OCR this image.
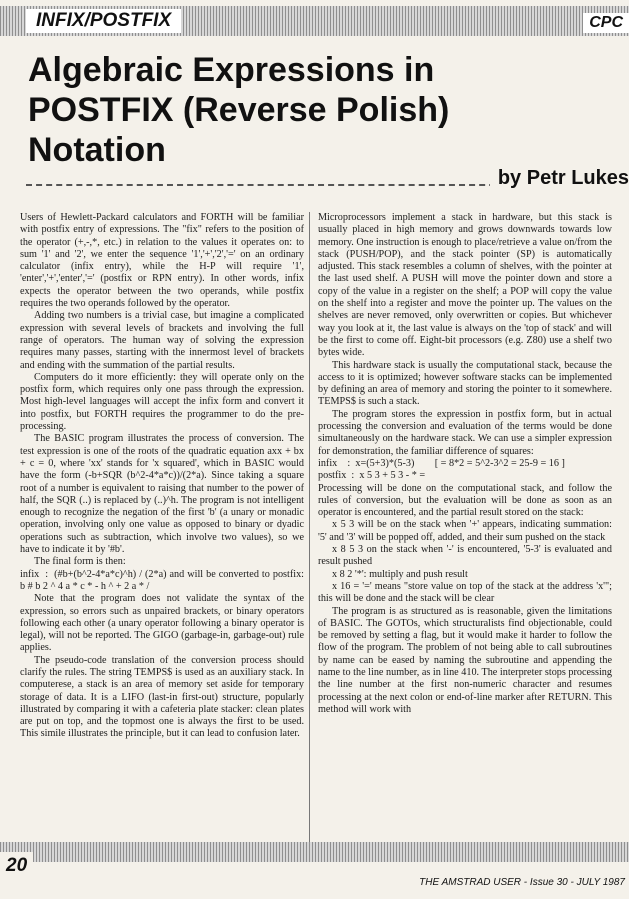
INFIX/POSTFIX	CPC
Algebraic Expressions in
POSTFIX (Reverse Polish)
Notation
by Petr Lukes

Users of Hewlett-Packard calculators and FORTH will be familiar with postfix entry of expressions. The "fix" refers to the position of the operator (+,-,*, etc.) in relation to the values it operates on: to sum '1' and '2', we enter the sequence '1','+','2','=' on an ordinary calculator (infix entry), while the H-P will require '1', 'enter','+','enter','=' (postfix or RPN entry). In other words, infix expects the operator between the two operands, while postfix requires the two operands followed by the operator.

Adding two numbers is a trivial case, but imagine a complicated expression with several levels of brackets and involving the full range of operators. The human way of solving the expression requires many passes, starting with the innermost level of brackets and ending with the summation of the partial results.

Computers do it more efficiently: they will operate only on the postfix form, which requires only one pass through the expression. Most high-level languages will accept the infix form and convert it into postfix, but FORTH requires the programmer to do the pre-processing.

The BASIC program illustrates the process of conversion. The test expression is one of the roots of the quadratic equation axx + bx + c = 0, where 'xx' stands for 'x squared', which in BASIC would have the form (-b+SQR (b^2-4*a*c))/(2*a). Since taking a square root of a number is equivalent to raising that number to the power of half, the SQR (..) is replaced by (..)^h. The program is not intelligent enough to recognize the negation of the first 'b' (a unary or monadic operation, involving only one value as opposed to binary or dyadic operations such as subtraction, which involve two values), so we have to indicate it by '#b'.

The final form is then:

infix  :  (#b+(b^2-4*a*c)^h) / (2*a) and will be converted to postfix:  b # b 2 ^ 4 a * c * - h ^ + 2 a * /

Note that the program does not validate the syntax of the expression, so errors such as unpaired brackets, or binary operators following each other (a unary operator following a binary operator is legal), will not be reported. The GIGO (garbage-in, garbage-out) rule applies.

The pseudo-code translation of the conversion process should clarify the rules. The string TEMPS$ is used as an auxiliary stack. In computerese, a stack is an area of memory set aside for temporary storage of data. It is a LIFO (last-in first-out) structure, popularly illustrated by comparing it with a cafeteria plate stacker: clean plates are put on top, and the topmost one is always the first to be used. This simile illustrates the principle, but it can lead to confusion later.

Microprocessors implement a stack in hardware, but this stack is usually placed in high memory and grows downwards towards low memory. One instruction is enough to place/retrieve a value on/from the stack (PUSH/POP), and the stack pointer (SP) is automatically adjusted. This stack resembles a column of shelves, with the pointer at the last used shelf. A PUSH will move the pointer down and store a copy of the value in a register on the shelf; a POP will copy the value on the shelf into a register and move the pointer up. The values on the shelves are never removed, only overwritten or copies. But whichever way you look at it, the last value is always on the 'top of stack' and will be the first to come off. Eight-bit processors (e.g. Z80) use a shelf two bytes wide.

This hardware stack is usually the computational stack, because the access to it is optimized; however software stacks can be implemented by defining an area of memory and storing the pointer to it somewhere. TEMPS$ is such a stack.

The program stores the expression in postfix form, but in actual processing the conversion and evaluation of the terms would be done simultaneously on the hardware stack. We can use a simpler expression for demonstration, the familiar difference of squares:

infix    :  x=(5+3)*(5-3)        [ = 8*2 = 5^2-3^2 = 25-9 = 16 ]

postfix  :  x 5 3 + 5 3 - * =

Processing will be done on the computational stack, and follow the rules of conversion, but the evaluation will be done as soon as an operator is encountered, and the partial result stored on the stack:

x 5 3 will be on the stack when '+' appears, indicating summation: '5' and '3' will be popped off, added, and their sum pushed on the stack

x 8 5 3 on the stack when '-' is encountered, '5-3' is evaluated and result pushed

x 8 2 '*': multiply and push result

x 16 = '=' means "store value on top of the stack at the address 'x'"; this will be done and the stack will be clear

The program is as structured as is reasonable, given the limitations of BASIC. The GOTOs, which structuralists find objectionable, could be removed by setting a flag, but it would make it harder to follow the flow of the program. The problem of not being able to call subroutines by name can be eased by naming the subroutine and appending the name to the line number, as in line 410. The interpreter stops processing the line number at the first non-numeric character and resumes processing at the next colon or end-of-line marker after RETURN. This method will work with

20
THE AMSTRAD USER - Issue 30 - JULY 1987
